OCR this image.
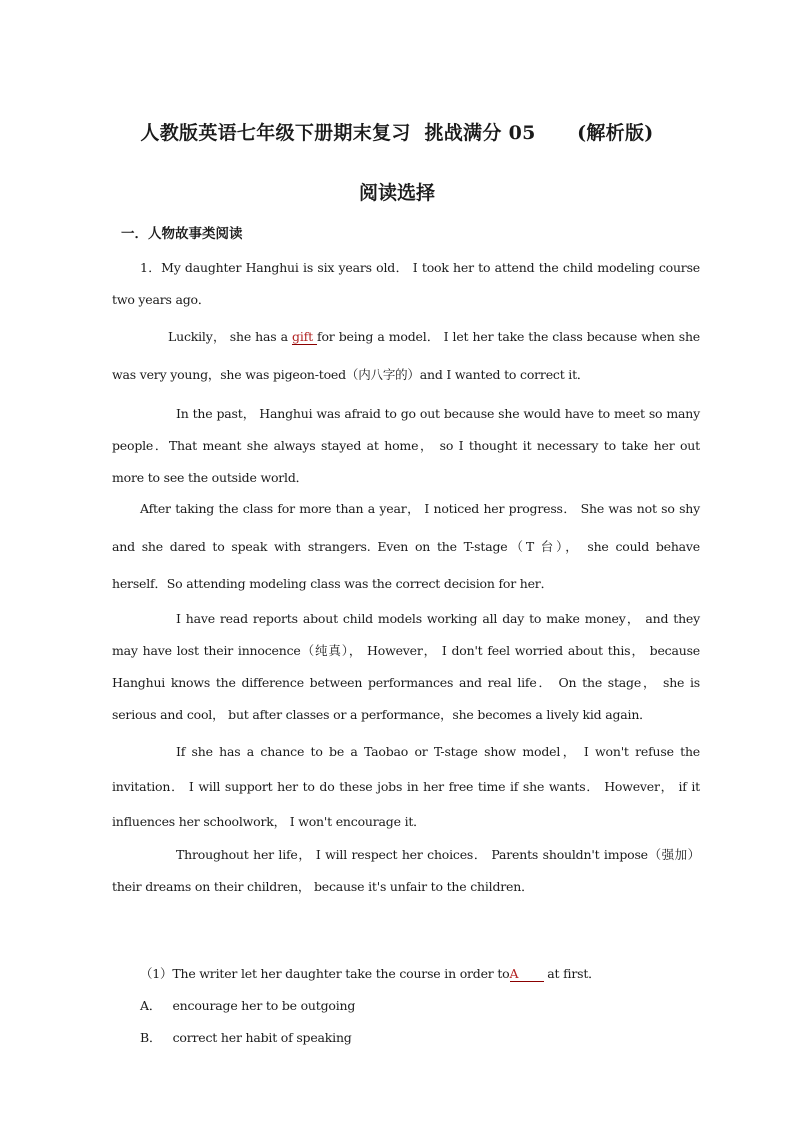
人教版英语七年级下册期末复习  挑战满分 05      (解析版)
阅读选择
一．人物故事类阅读

1．My daughter Hanghui is six years old． I took her to attend the child modeling course two years ago．

Luckily， she has a gift for being a model． I let her take the class because when she was very young，she was pigeon-toed（内八字的）and I wanted to correct it．

In the past， Hanghui was afraid to go out because she would have to meet so many people．That meant she always stayed at home， so I thought it necessary to take her out more to see the outside world．

After taking the class for more than a year， I noticed her progress． She was not so shy and she dared to speak with strangers. Even on the T-stage（T 台）， she could behave herself．So attending modeling class was the correct decision for her．

I have read reports about child models working all day to make money， and they may have lost their innocence（纯真）， However， I don't feel worried about this， because Hanghui knows the difference between performances and real life． On the stage， she is serious and cool， but after classes or a performance，she becomes a lively kid again．

If she has a chance to be a Taobao or T-stage show model， I won't refuse the invitation． I will support her to do these jobs in her free time if she wants． However， if it influences her schoolwork， I won't encourage it．

Throughout her life， I will respect her choices． Parents shouldn't impose（强加）their dreams on their children， because it's unfair to the children．

（1）The writer let her daughter take the course in order toA at first．

A． encourage her to be outgoing

B． correct her habit of speaking
